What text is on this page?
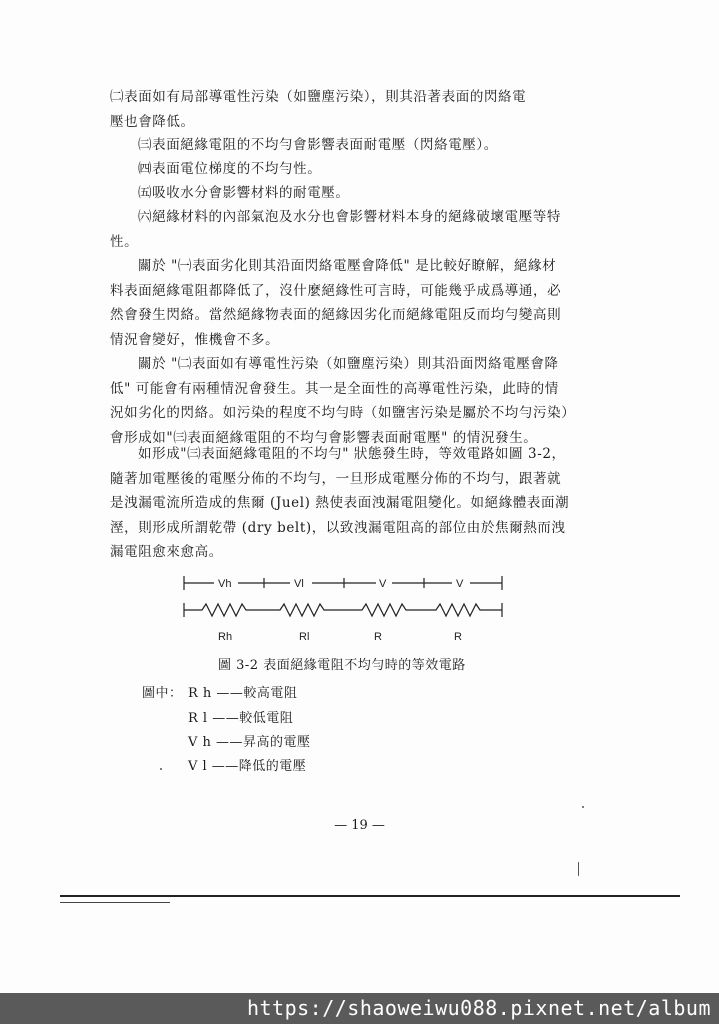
㈡表面如有局部導電性污染（如鹽塵污染），則其沿著表面的閃絡電
壓也會降低。
㈢表面絕緣電阻的不均勻會影響表面耐電壓（閃絡電壓）。
㈣表面電位梯度的不均勻性。
㈤吸收水分會影響材料的耐電壓。
㈥絕緣材料的內部氣泡及水分也會影響材料本身的絕緣破壞電壓等特
性。
關於 "㈠表面劣化則其沿面閃絡電壓會降低" 是比較好瞭解，絕緣材
料表面絕緣電阻都降低了，沒什麼絕緣性可言時，可能幾乎成爲導通，必
然會發生閃絡。當然絕緣物表面的絕緣因劣化而絕緣電阻反而均勻變高則
情況會變好，惟機會不多。
關於 "㈡表面如有導電性污染（如鹽塵污染）則其沿面閃絡電壓會降
低" 可能會有兩種情況會發生。其一是全面性的高導電性污染，此時的情
況如劣化的閃絡。如污染的程度不均勻時（如鹽害污染是屬於不均勻污染）
會形成如"㈢表面絕緣電阻的不均勻會影響表面耐電壓" 的情況發生。
如形成"㈢表面絕緣電阻的不均勻" 狀態發生時，等效電路如圖 3-2，
隨著加電壓後的電壓分佈的不均勻，一旦形成電壓分佈的不均勻，跟著就
是洩漏電流所造成的焦爾 (Juel) 熱使表面洩漏電阻變化。如絕緣體表面潮
溼，則形成所謂乾帶 (dry belt)，以致洩漏電阻高的部位由於焦爾熱而洩
漏電阻愈來愈高。
Vh	Vl	V	V
Rh	Rl	R	R
圖 3-2 表面絕緣電阻不均勻時的等效電路
圖中： R h ——較高電阻
R l ——較低電阻
V h ——昇高的電壓
V l ——降低的電壓
— 19 —
https://shaoweiwu088.pixnet.net/album
